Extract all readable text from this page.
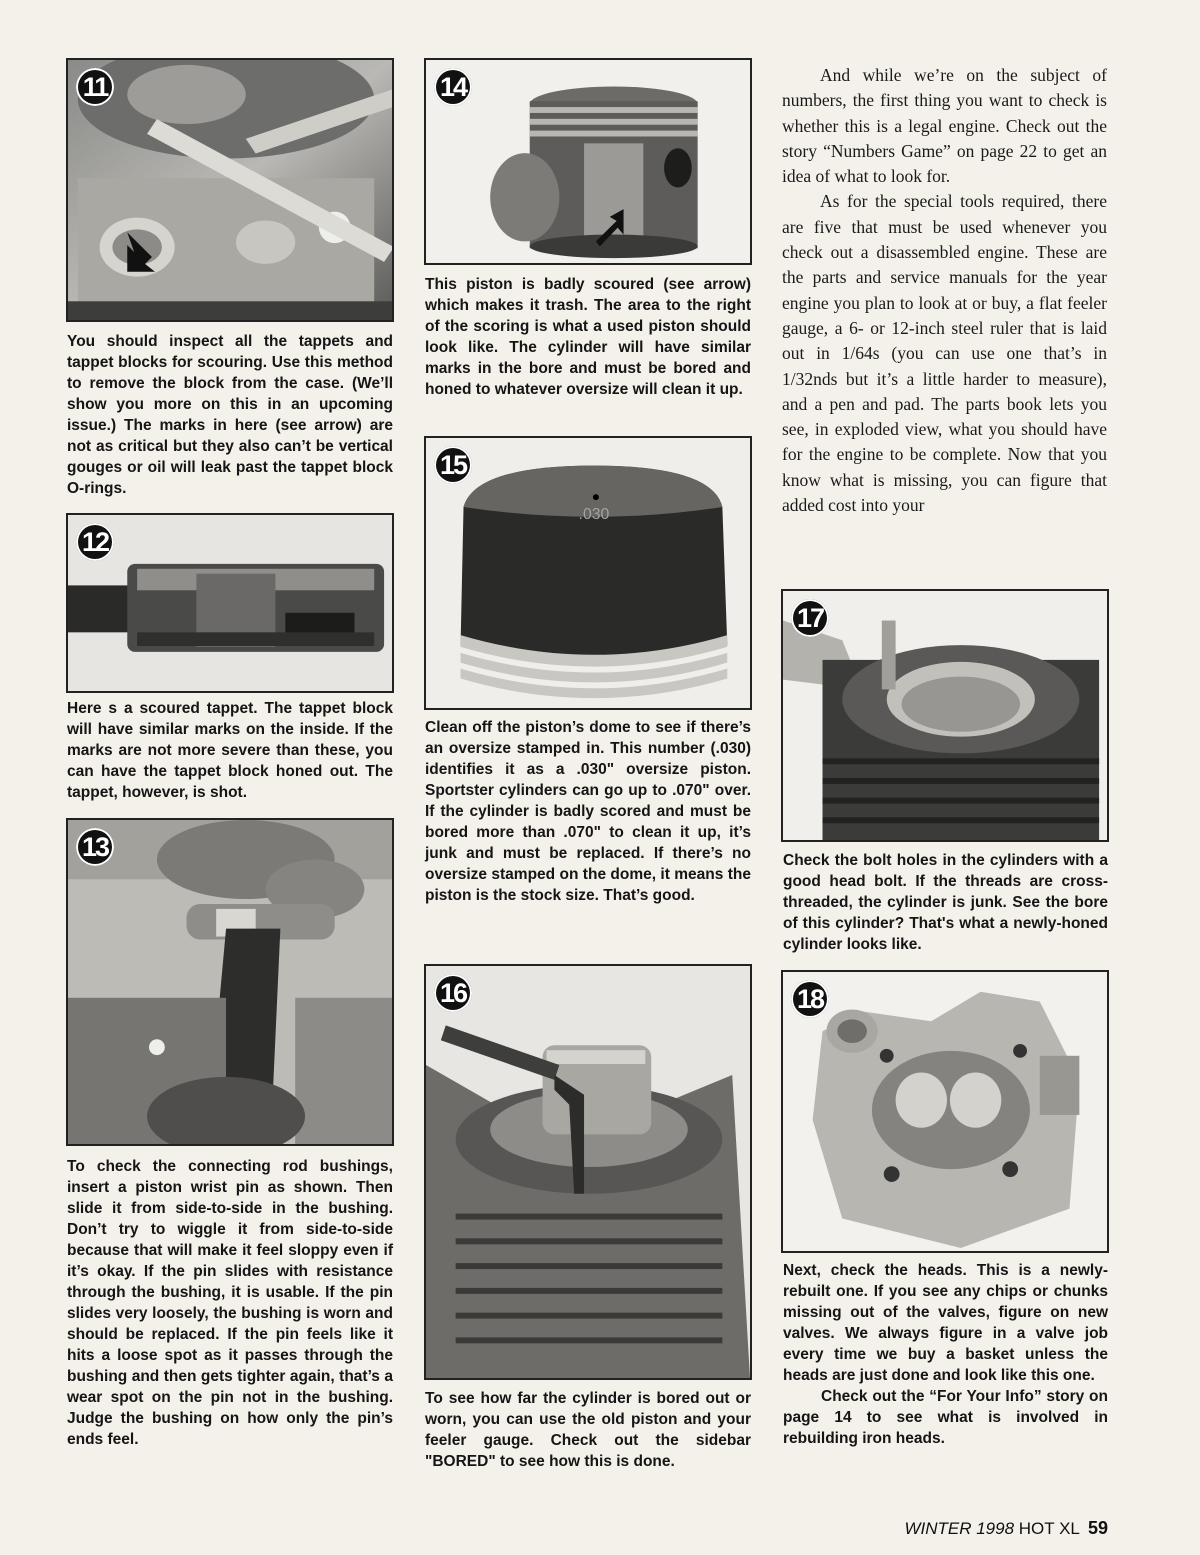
11
You should inspect all the tappets and tappet blocks for scouring. Use this method to remove the block from the case. (We’ll show you more on this in an upcoming issue.) The marks in here (see arrow) are not as critical but they also can’t be vertical gouges or oil will leak past the tappet block O-rings.
12
Here s a scoured tappet. The tappet block will have similar marks on the inside. If the marks are not more severe than these, you can have the tappet block honed out. The tappet, however, is shot.
13
To check the connecting rod bushings, insert a piston wrist pin as shown. Then slide it from side-to-side in the bushing. Don’t try to wiggle it from side-to-side because that will make it feel sloppy even if it’s okay. If the pin slides with resistance through the bushing, it is usable. If the pin slides very loosely, the bushing is worn and should be replaced. If the pin feels like it hits a loose spot as it passes through the bushing and then gets tighter again, that’s a wear spot on the pin not in the bushing. Judge the bushing on how only the pin’s ends feel.
14
This piston is badly scoured (see arrow) which makes it trash. The area to the right of the scoring is what a used piston should look like. The cylinder will have similar marks in the bore and must be bored and honed to whatever oversize will clean it up.
.030
15
Clean off the piston’s dome to see if there’s an oversize stamped in. This number (.030) identifies it as a .030" oversize piston. Sportster cylinders can go up to .070" over. If the cylinder is badly scored and must be bored more than .070" to clean it up, it’s junk and must be replaced. If there’s no oversize stamped on the dome, it means the piston is the stock size. That’s good.
16
To see how far the cylinder is bored out or worn, you can use the old piston and your feeler gauge. Check out the sidebar "BORED" to see how this is done.

And while we’re on the subject of numbers, the first thing you want to check is whether this is a legal engine. Check out the story “Numbers Game” on page 22 to get an idea of what to look for.

As for the special tools required, there are five that must be used whenever you check out a disassembled engine. These are the parts and service manuals for the year engine you plan to look at or buy, a flat feeler gauge, a 6- or 12-inch steel ruler that is laid out in 1/64s (you can use one that’s in 1/32nds but it’s a little harder to measure), and a pen and pad. The parts book lets you see, in exploded view, what you should have for the engine to be complete. Now that you know what is missing, you can figure that added cost into your

17
Check the bolt holes in the cylinders with a good head bolt. If the threads are cross-threaded, the cylinder is junk. See the bore of this cylinder? That's what a newly-honed cylinder looks like.
18

Next, check the heads. This is a newly-rebuilt one. If you see any chips or chunks missing out of the valves, figure on new valves. We always figure in a valve job every time we buy a basket unless the heads are just done and look like this one.

Check out the “For Your Info” story on page 14 to see what is involved in rebuilding iron heads.

WINTER 1998 HOT XL 59
